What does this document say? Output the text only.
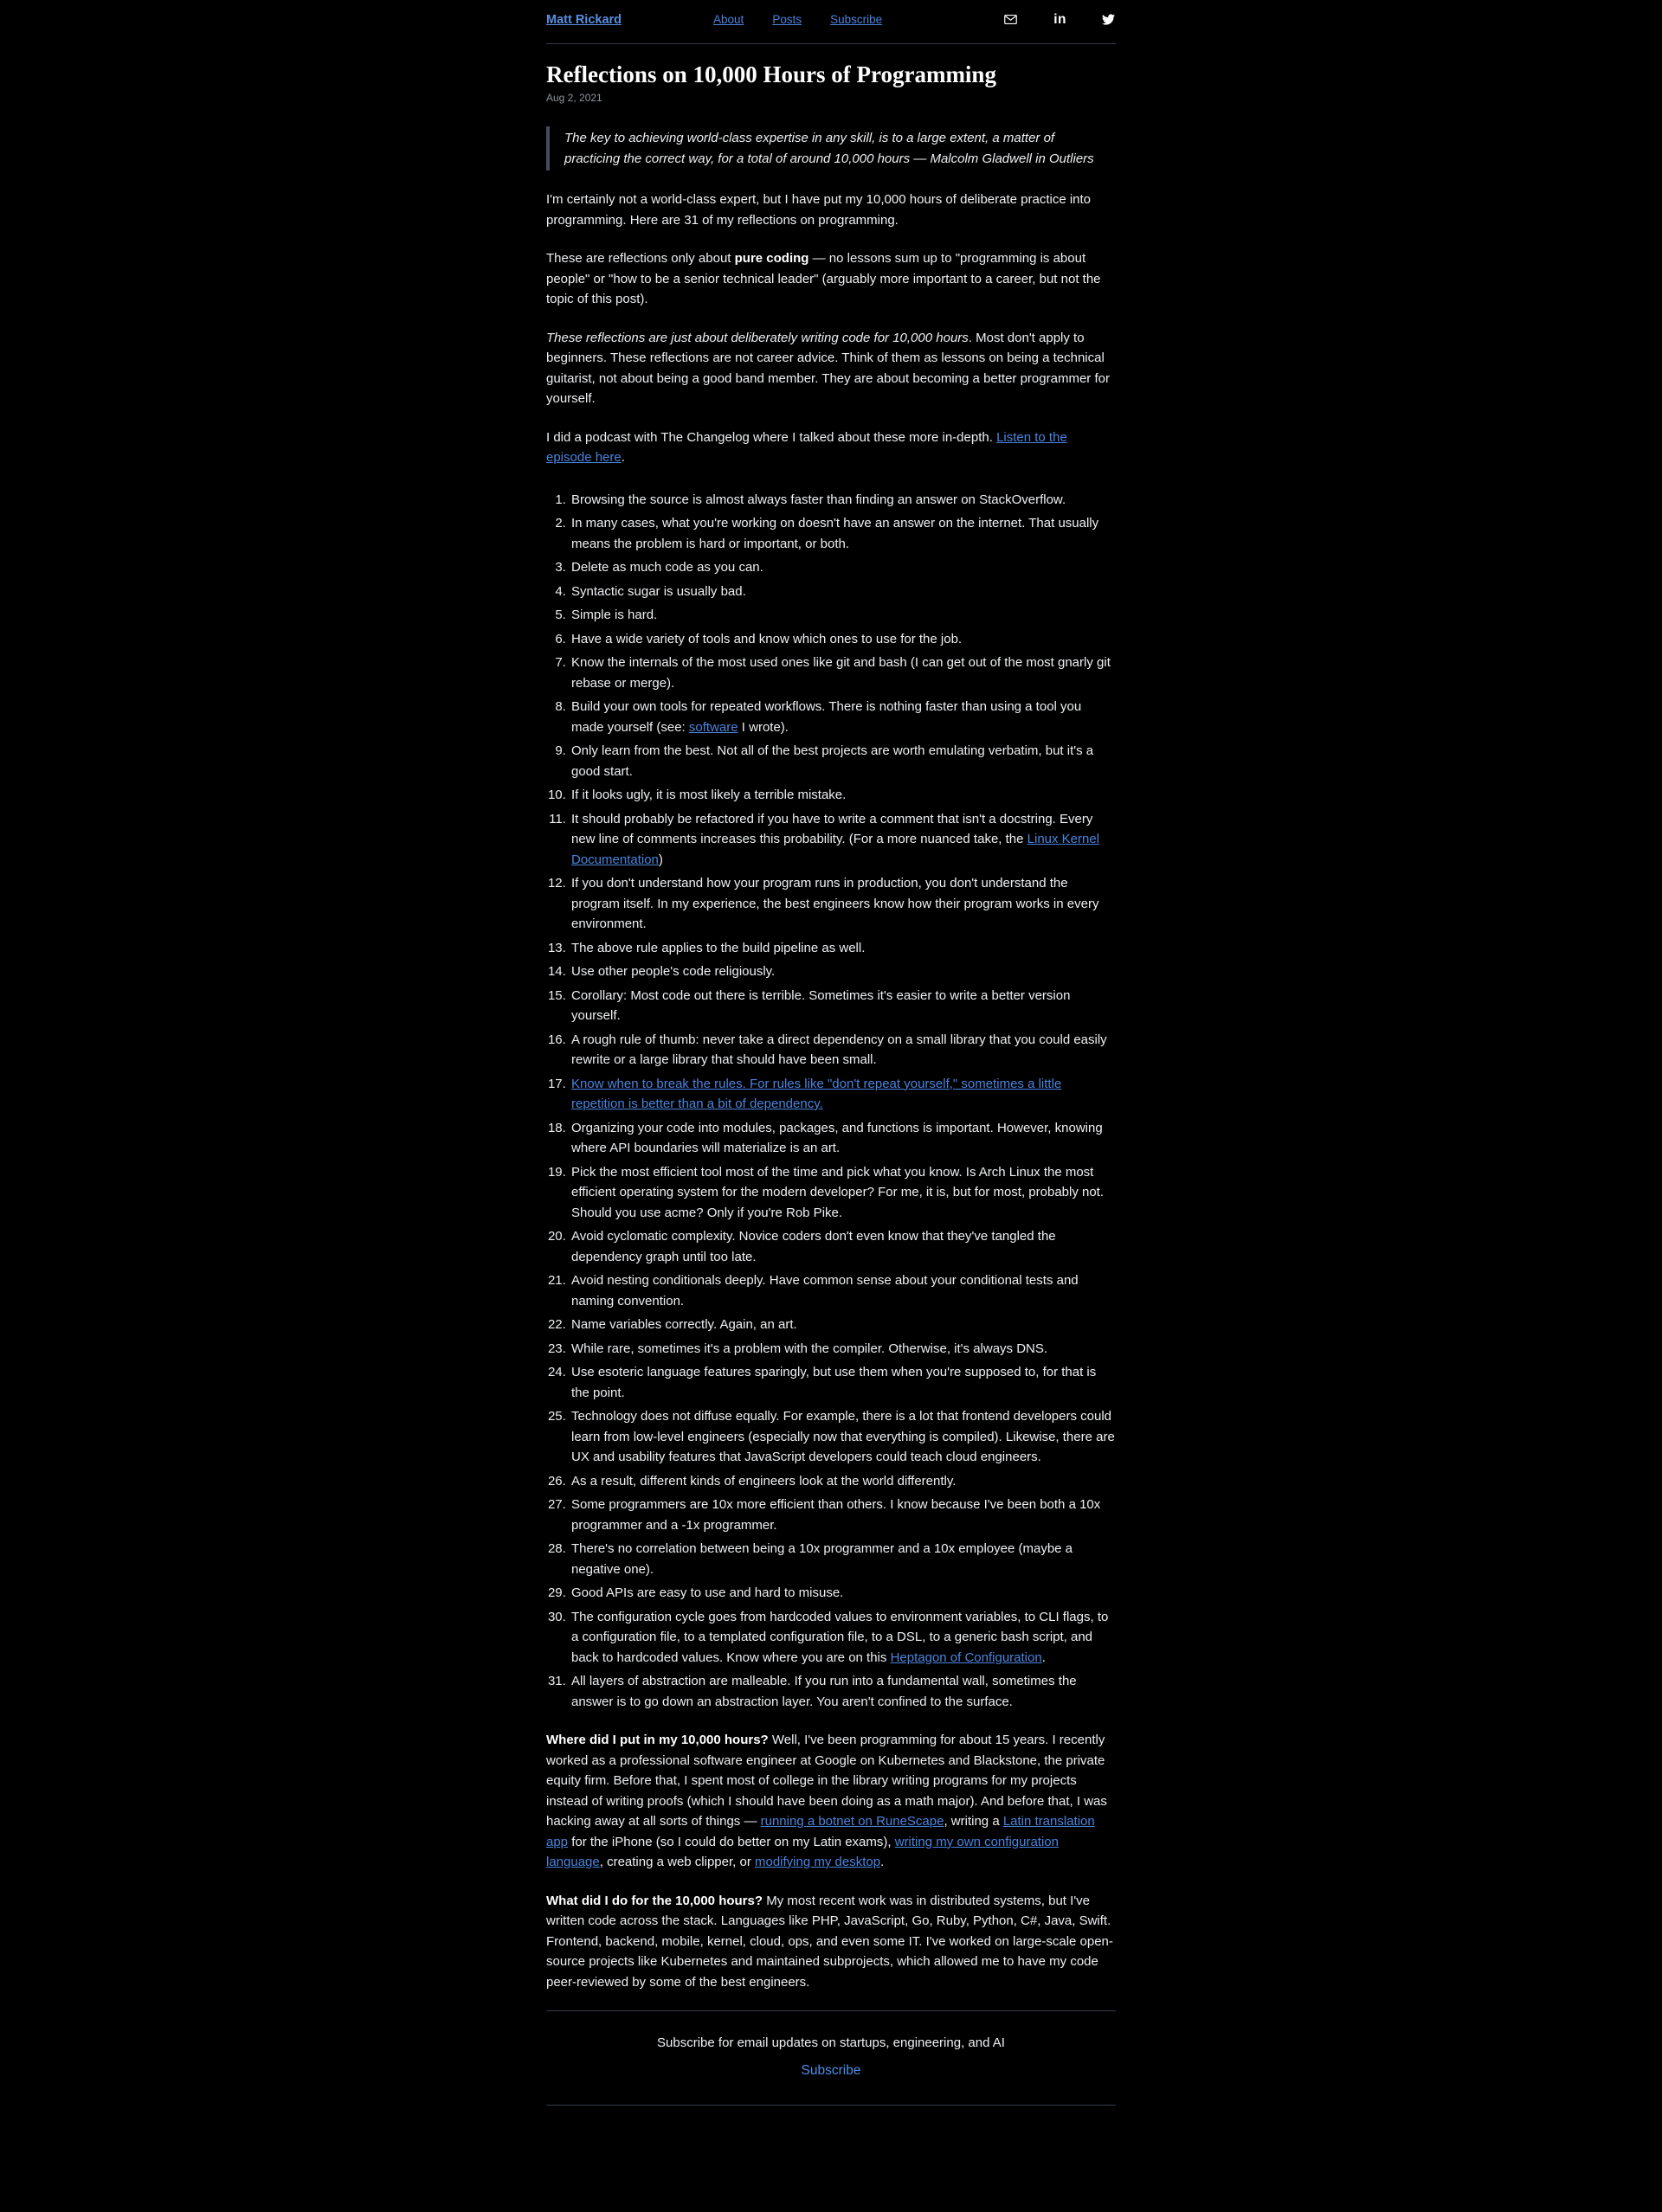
Matt Rickard	About Posts Subscribe	in
Reflections on 10,000 Hours of Programming
Aug 2, 2021
The key to achieving world-class expertise in any skill, is to a large extent, a matter of practicing the correct way, for a total of around 10,000 hours — Malcolm Gladwell in Outliers

I'm certainly not a world-class expert, but I have put my 10,000 hours of deliberate practice into programming. Here are 31 of my reflections on programming.

These are reflections only about pure coding — no lessons sum up to "programming is about people" or "how to be a senior technical leader" (arguably more important to a career, but not the topic of this post).

These reflections are just about deliberately writing code for 10,000 hours. Most don't apply to beginners. These reflections are not career advice. Think of them as lessons on being a technical guitarist, not about being a good band member. They are about becoming a better programmer for yourself.

I did a podcast with The Changelog where I talked about these more in-depth. Listen to the episode here.

1. Browsing the source is almost always faster than finding an answer on StackOverflow.
2. In many cases, what you're working on doesn't have an answer on the internet. That usually means the problem is hard or important, or both.
3. Delete as much code as you can.
4. Syntactic sugar is usually bad.
5. Simple is hard.
6. Have a wide variety of tools and know which ones to use for the job.
7. Know the internals of the most used ones like git and bash (I can get out of the most gnarly git rebase or merge).
8. Build your own tools for repeated workflows. There is nothing faster than using a tool you made yourself (see: software I wrote).
9. Only learn from the best. Not all of the best projects are worth emulating verbatim, but it's a good start.
10. If it looks ugly, it is most likely a terrible mistake.
11. It should probably be refactored if you have to write a comment that isn't a docstring. Every new line of comments increases this probability. (For a more nuanced take, the Linux Kernel Documentation)
12. If you don't understand how your program runs in production, you don't understand the program itself. In my experience, the best engineers know how their program works in every environment.
13. The above rule applies to the build pipeline as well.
14. Use other people's code religiously.
15. Corollary: Most code out there is terrible. Sometimes it's easier to write a better version yourself.
16. A rough rule of thumb: never take a direct dependency on a small library that you could easily rewrite or a large library that should have been small.
17. Know when to break the rules. For rules like "don't repeat yourself," sometimes a little repetition is better than a bit of dependency.
18. Organizing your code into modules, packages, and functions is important. However, knowing where API boundaries will materialize is an art.
19. Pick the most efficient tool most of the time and pick what you know. Is Arch Linux the most efficient operating system for the modern developer? For me, it is, but for most, probably not. Should you use acme? Only if you're Rob Pike.
20. Avoid cyclomatic complexity. Novice coders don't even know that they've tangled the dependency graph until too late.
21. Avoid nesting conditionals deeply. Have common sense about your conditional tests and naming convention.
22. Name variables correctly. Again, an art.
23. While rare, sometimes it's a problem with the compiler. Otherwise, it's always DNS.
24. Use esoteric language features sparingly, but use them when you're supposed to, for that is the point.
25. Technology does not diffuse equally. For example, there is a lot that frontend developers could learn from low-level engineers (especially now that everything is compiled). Likewise, there are UX and usability features that JavaScript developers could teach cloud engineers.
26. As a result, different kinds of engineers look at the world differently.
27. Some programmers are 10x more efficient than others. I know because I've been both a 10x programmer and a -1x programmer.
28. There's no correlation between being a 10x programmer and a 10x employee (maybe a negative one).
29. Good APIs are easy to use and hard to misuse.
30. The configuration cycle goes from hardcoded values to environment variables, to CLI flags, to a configuration file, to a templated configuration file, to a DSL, to a generic bash script, and back to hardcoded values. Know where you are on this Heptagon of Configuration.
31. All layers of abstraction are malleable. If you run into a fundamental wall, sometimes the answer is to go down an abstraction layer. You aren't confined to the surface.

Where did I put in my 10,000 hours? Well, I've been programming for about 15 years. I recently worked as a professional software engineer at Google on Kubernetes and Blackstone, the private equity firm. Before that, I spent most of college in the library writing programs for my projects instead of writing proofs (which I should have been doing as a math major). And before that, I was hacking away at all sorts of things — running a botnet on RuneScape, writing a Latin translation app for the iPhone (so I could do better on my Latin exams), writing my own configuration language, creating a web clipper, or modifying my desktop.

What did I do for the 10,000 hours? My most recent work was in distributed systems, but I've written code across the stack. Languages like PHP, JavaScript, Go, Ruby, Python, C#, Java, Swift. Frontend, backend, mobile, kernel, cloud, ops, and even some IT. I've worked on large-scale open-source projects like Kubernetes and maintained subprojects, which allowed me to have my code peer-reviewed by some of the best engineers.

Subscribe for email updates on startups, engineering, and AI

Subscribe
